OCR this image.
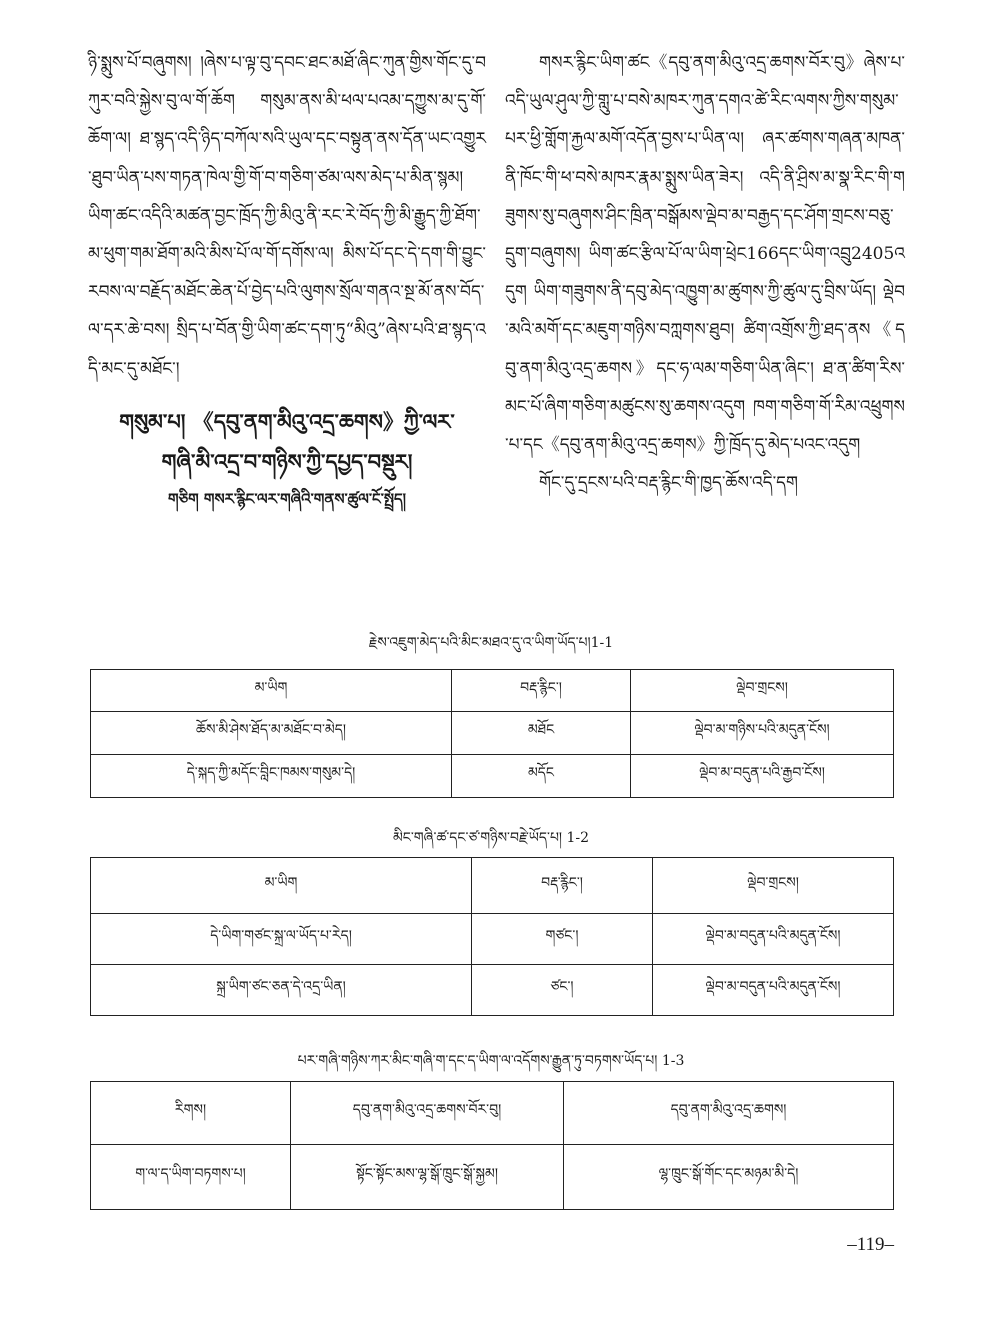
ཉི་སྨུས་པོ་བཞུགས། །ཞེས་པ་ལྟ་བུ་དབང་ཐང་མཐོ་ཞིང་ཀུན་གྱིས་གོང་དུ་བཀུར་བའི་སྐྱེས་བུ་ལ་གོ་ཆོག གསུམ་ནས་མི་ཕལ་པའམ་དཀྱུས་མ་དུ་གོ་ཆོག་ལ། ཐ་སྙད་འདི་ཉིད་བཀོལ་སའི་ཡུལ་དང་བསྟུན་ནས་དོན་ཡང་འགྱུར་ཐུབ་ཡིན་པས་གཏན་ཁེལ་གྱི་གོ་བ་གཅིག་ཙམ་ལས་མེད་པ་མིན་སྙམ། ཡིག་ཚང་འདིའི་མཚན་བྱང་ཁྲོད་ཀྱི་མིའུ་ནི་རང་རེ་བོད་ཀྱི་མི་རྒྱུད་ཀྱི་ཐོག་མ་ཕུག་གམ་ཐོག་མའི་མིས་པོ་ལ་གོ་དགོས་ལ། མིས་པོ་དང་དེ་དག་གི་བྱུང་རབས་ལ་བརྗོད་མཐོང་ཆེན་པོ་བྱེད་པའི་ལུགས་སྲོལ་གནའ་སྔ་མོ་ནས་བོད་ལ་དར་ཆེ་བས། སྲིད་པ་བོན་གྱི་ཡིག་ཚང་དག་ཏུ“མིའུ”ཞེས་པའི་ཐ་སྙད་འདི་མང་དུ་མཐོང་།

གསུམ་པ། 《དབུ་ནག་མིའུ་འདྲ་ཆགས》ཀྱི་ལར་
གཞི་མི་འདྲ་བ་གཉིས་ཀྱི་དཔྱད་བསྡུར།
གཅིག གསར་རྙིང་ལར་གཞིའི་གནས་ཚུལ་ངོ་སྤྲོད།

གསར་རྙིང་ཡིག་ཚང《དབུ་ནག་མིའུ་འདྲ་ཆགས་བོར་བུ》ཞེས་པ་འདི་ཡུལ་ཤུལ་ཀྱི་གླུ་པ་བསེ་མཁར་ཀུན་དགའ་ཚེ་རིང་ལགས་ཀྱིས་གསུམ་པར་ཕྱི་གློག་རྐྱལ་མགོ་འདོན་བྱས་པ་ཡིན་ལ། ཞར་ཚགས་གཞན་མཁན་ནི་ཁོང་གི་ཕ་བསེ་མཁར་རྣམ་སྨུས་ཡིན་ཟེར། འདི་ནི་ཤྲིས་མ་སྣ་རིང་གི་གཟུགས་སུ་བཞུགས་ཤིང་ཁྲིན་བསྒོམས་ལྡེབ་མ་བརྒྱད་དང་ཤོག་གྲངས་བཅུ་དྲུག་བཞུགས། ཡིག་ཚང་རྩིལ་པོ་ལ་ཡིག་ཕྲེང166དང་ཡིག་འབྲུ2405འདུག ཡིག་གཟུགས་ནི་དབུ་མེད་འཁྱུག་མ་ཚུགས་ཀྱི་ཚུལ་དུ་བྲིས་ཡོད། ལྡེབ་མའི་མགོ་དང་མཇུག་གཉིས་བཀླགས་ཐུབ། ཚིག་འགྲོས་ཀྱི་ཐད་ནས《དབུ་ནག་མིའུ་འདྲ་ཆགས》དང་ཧ་ལམ་གཅིག་ཡིན་ཞིང་། ཐ་ན་ཚིག་རིས་མང་པོ་ཞིག་གཅིག་མཚུངས་སུ་ཆགས་འདུག ཁག་གཅིག་གོ་རིམ་འཕྲུགས་པ་དང《དབུ་ནག་མིའུ་འདྲ་ཆགས》ཀྱི་ཁྲོད་དུ་མེད་པའང་འདུག

གོང་དུ་དྲངས་པའི་བརྡ་རྙིང་གི་ཁྱད་ཆོས་འདི་དག

རྗེས་འཇུག་མེད་པའི་མིང་མཐའ་དུ་འ་ཡིག་ཡོད་པ།1-1
མ་ཡིག	བརྡ་རྙིང་།	ལྡེབ་གྲངས།
ཆོས་མི་ཤེས་ཐོད་མ་མཐོང་བ་མེད།	མཐོང	ལྡེབ་མ་གཉིས་པའི་མདུན་ངོས།
དེ་སྐད་ཀྱི་མདོང་བླིང་ཁམས་གསུམ་དེ།	མདོང	ལྡེབ་མ་བདུན་པའི་རྒྱབ་ངོས།
མིང་གཞི་ཚ་དང་ཙ་གཉིས་བརྗེ་ཡོད་པ། 1-2
མ་ཡིག	བརྡ་རྙིང་།	ལྡེབ་གྲངས།
དེ་ཡིག་གཙང་སྐྲ་ལ་ཡོད་པ་རེད།	གཙང་།	ལྡེབ་མ་བདུན་པའི་མདུན་ངོས།
སྐྲ་ཡིག་ཙང་ཅན་དེ་འདྲ་ཡིན།	ཙང་།	ལྡེབ་མ་བདུན་པའི་མདུན་ངོས།
པར་གཞི་གཉིས་ཀར་མིང་གཞི་ག་དང་ད་ཡིག་ལ་འདོགས་རྒྱུན་ཏུ་བཏགས་ཡོད་པ། 1-3
རིགས།	དབུ་ནག་མིའུ་འདྲ་ཆགས་བོར་བུ།	དབུ་ནག་མིའུ་འདྲ་ཆགས།
ག་ལ་ད་ཡིག་བཏགས་པ།	སྟོང་སྟོང་མས་ལྷ་སྒོ་ཁྲུང་སྒོ་སྐྱམ།	ལྷ་ཁྲུང་སྒོ་གོང་དང་མཉམ་མི་དེ།
–119–
